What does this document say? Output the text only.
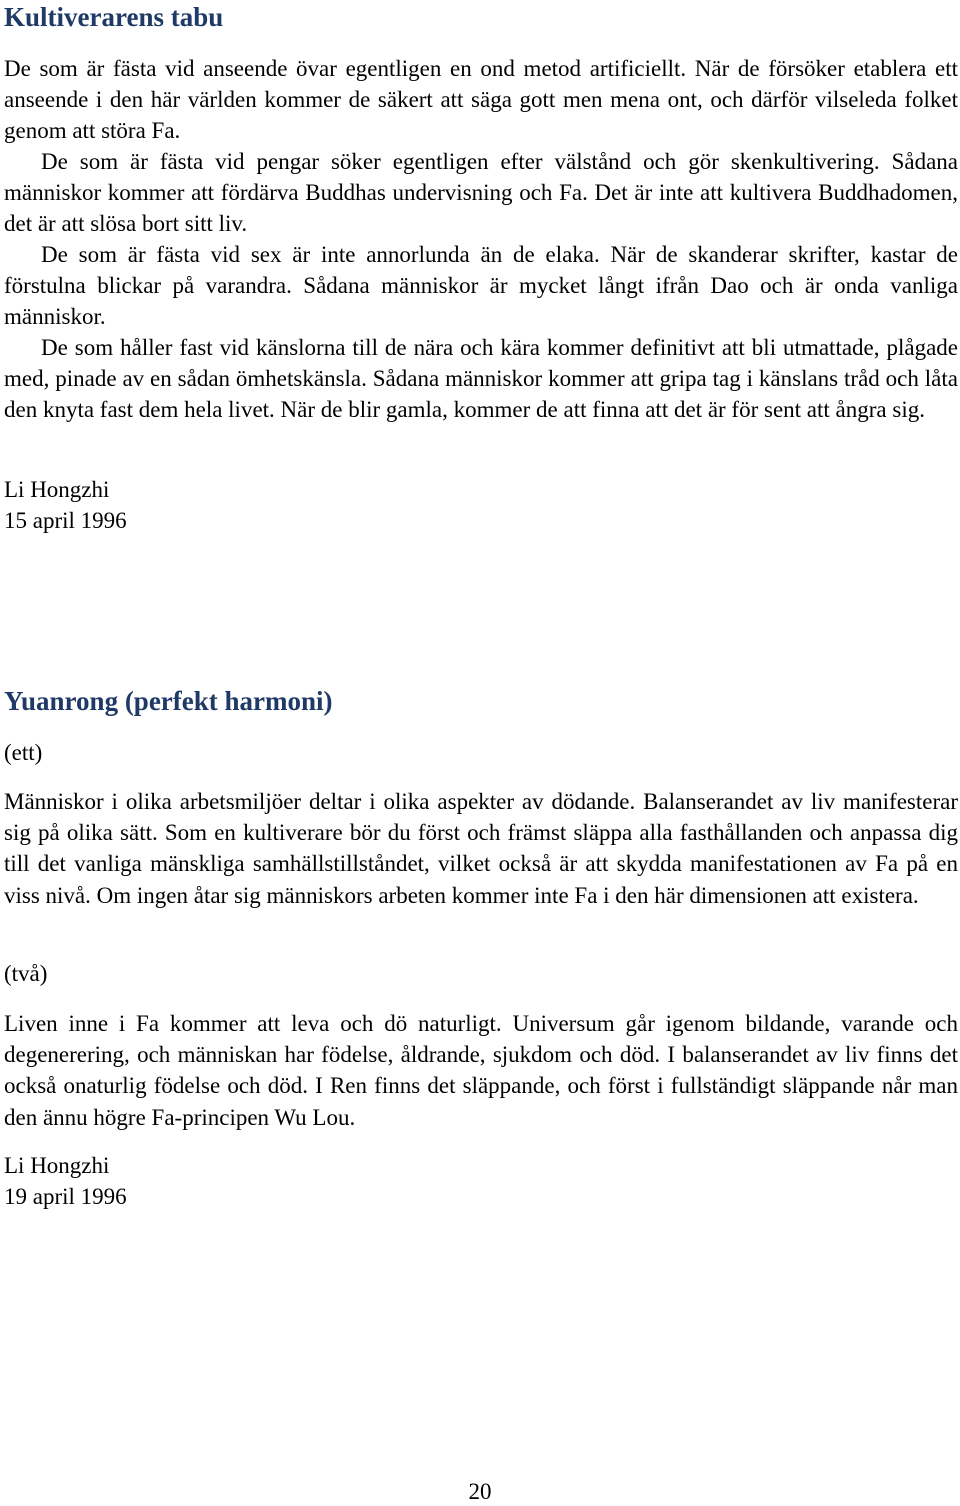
Kultiverarens tabu

De som är fästa vid anseende övar egentligen en ond metod artificiellt. När de försöker etablera ett anseende i den här världen kommer de säkert att säga gott men mena ont, och därför vilseleda folket genom att störa Fa.

De som är fästa vid pengar söker egentligen efter välstånd och gör skenkultivering. Sådana människor kommer att fördärva Buddhas undervisning och Fa. Det är inte att kultivera Buddhadomen, det är att slösa bort sitt liv.

De som är fästa vid sex är inte annorlunda än de elaka. När de skanderar skrifter, kastar de förstulna blickar på varandra. Sådana människor är mycket långt ifrån Dao och är onda vanliga människor.

De som håller fast vid känslorna till de nära och kära kommer definitivt att bli utmattade, plågade med, pinade av en sådan ömhetskänsla. Sådana människor kommer att gripa tag i känslans tråd och låta den knyta fast dem hela livet. När de blir gamla, kommer de att finna att det är för sent att ångra sig.

Li Hongzhi
15 april 1996
Yuanrong (perfekt harmoni)
(ett)

Människor i olika arbetsmiljöer deltar i olika aspekter av dödande. Balanserandet av liv manifesterar sig på olika sätt. Som en kultiverare bör du först och främst släppa alla fasthållanden och anpassa dig till det vanliga mänskliga samhällstillståndet, vilket också är att skydda manifestationen av Fa på en viss nivå. Om ingen åtar sig människors arbeten kommer inte Fa i den här dimensionen att existera.

(två)

Liven inne i Fa kommer att leva och dö naturligt. Universum går igenom bildande, varande och degenerering, och människan har födelse, åldrande, sjukdom och död. I balanserandet av liv finns det också onaturlig födelse och död. I Ren finns det släppande, och först i fullständigt släppande når man den ännu högre Fa-principen Wu Lou.

Li Hongzhi
19 april 1996
20
